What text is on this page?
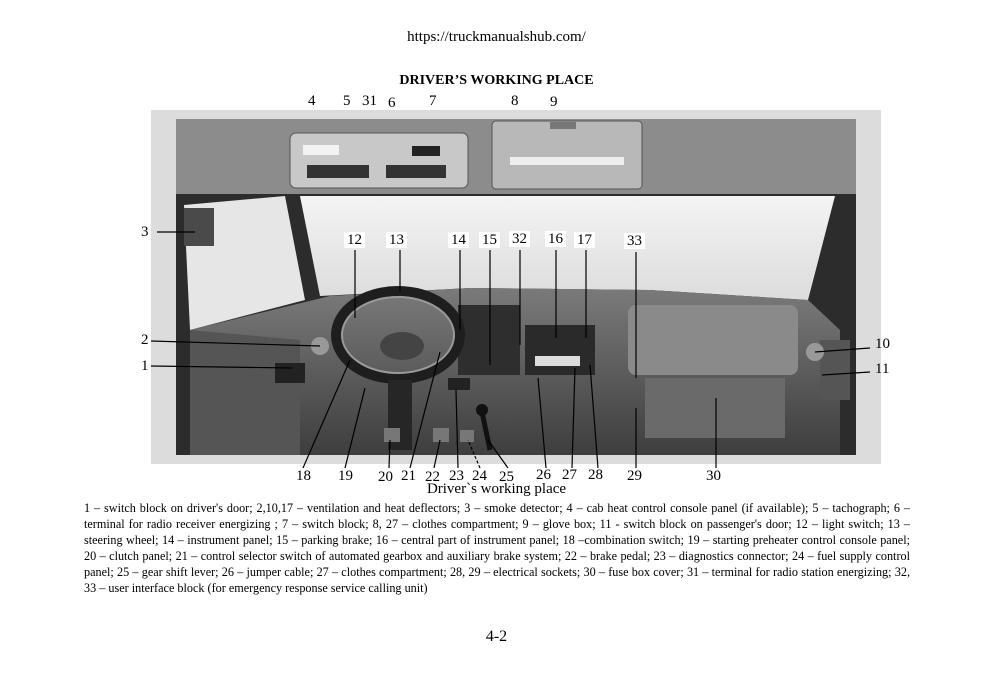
https://truckmanualshub.com/
DRIVER’S WORKING PLACE
4 5 31 6 7	8 9
12 13	14 15 32 16 17 33
3
2
1
10
11
18 19 20 21 22 23 24 25 26 27 28 29	30
Driver`s working place
1 – switch block on driver's door; 2,10,17 – ventilation and heat deflectors; 3 – smoke detector; 4 – cab heat control console panel (if available); 5 – tachograph; 6 – terminal for radio receiver energizing ; 7 – switch block; 8, 27 – clothes compartment; 9 – glove box; 11 - switch block on passenger's door; 12 – light switch; 13 – steering wheel; 14 – instrument panel; 15 – parking brake; 16 – central part of instrument panel; 18 –combination switch; 19 – starting preheater control console panel; 20 – clutch panel; 21 – control selector switch of automated gearbox and auxiliary brake system; 22 – brake pedal; 23 – diagnostics connector; 24 – fuel supply control panel; 25 – gear shift lever; 26 – jumper cable; 27 – clothes compartment; 28, 29 – electrical sockets; 30 – fuse box cover; 31 – terminal for radio station energizing; 32, 33 – user interface block (for emergency response service calling unit)
4-2
